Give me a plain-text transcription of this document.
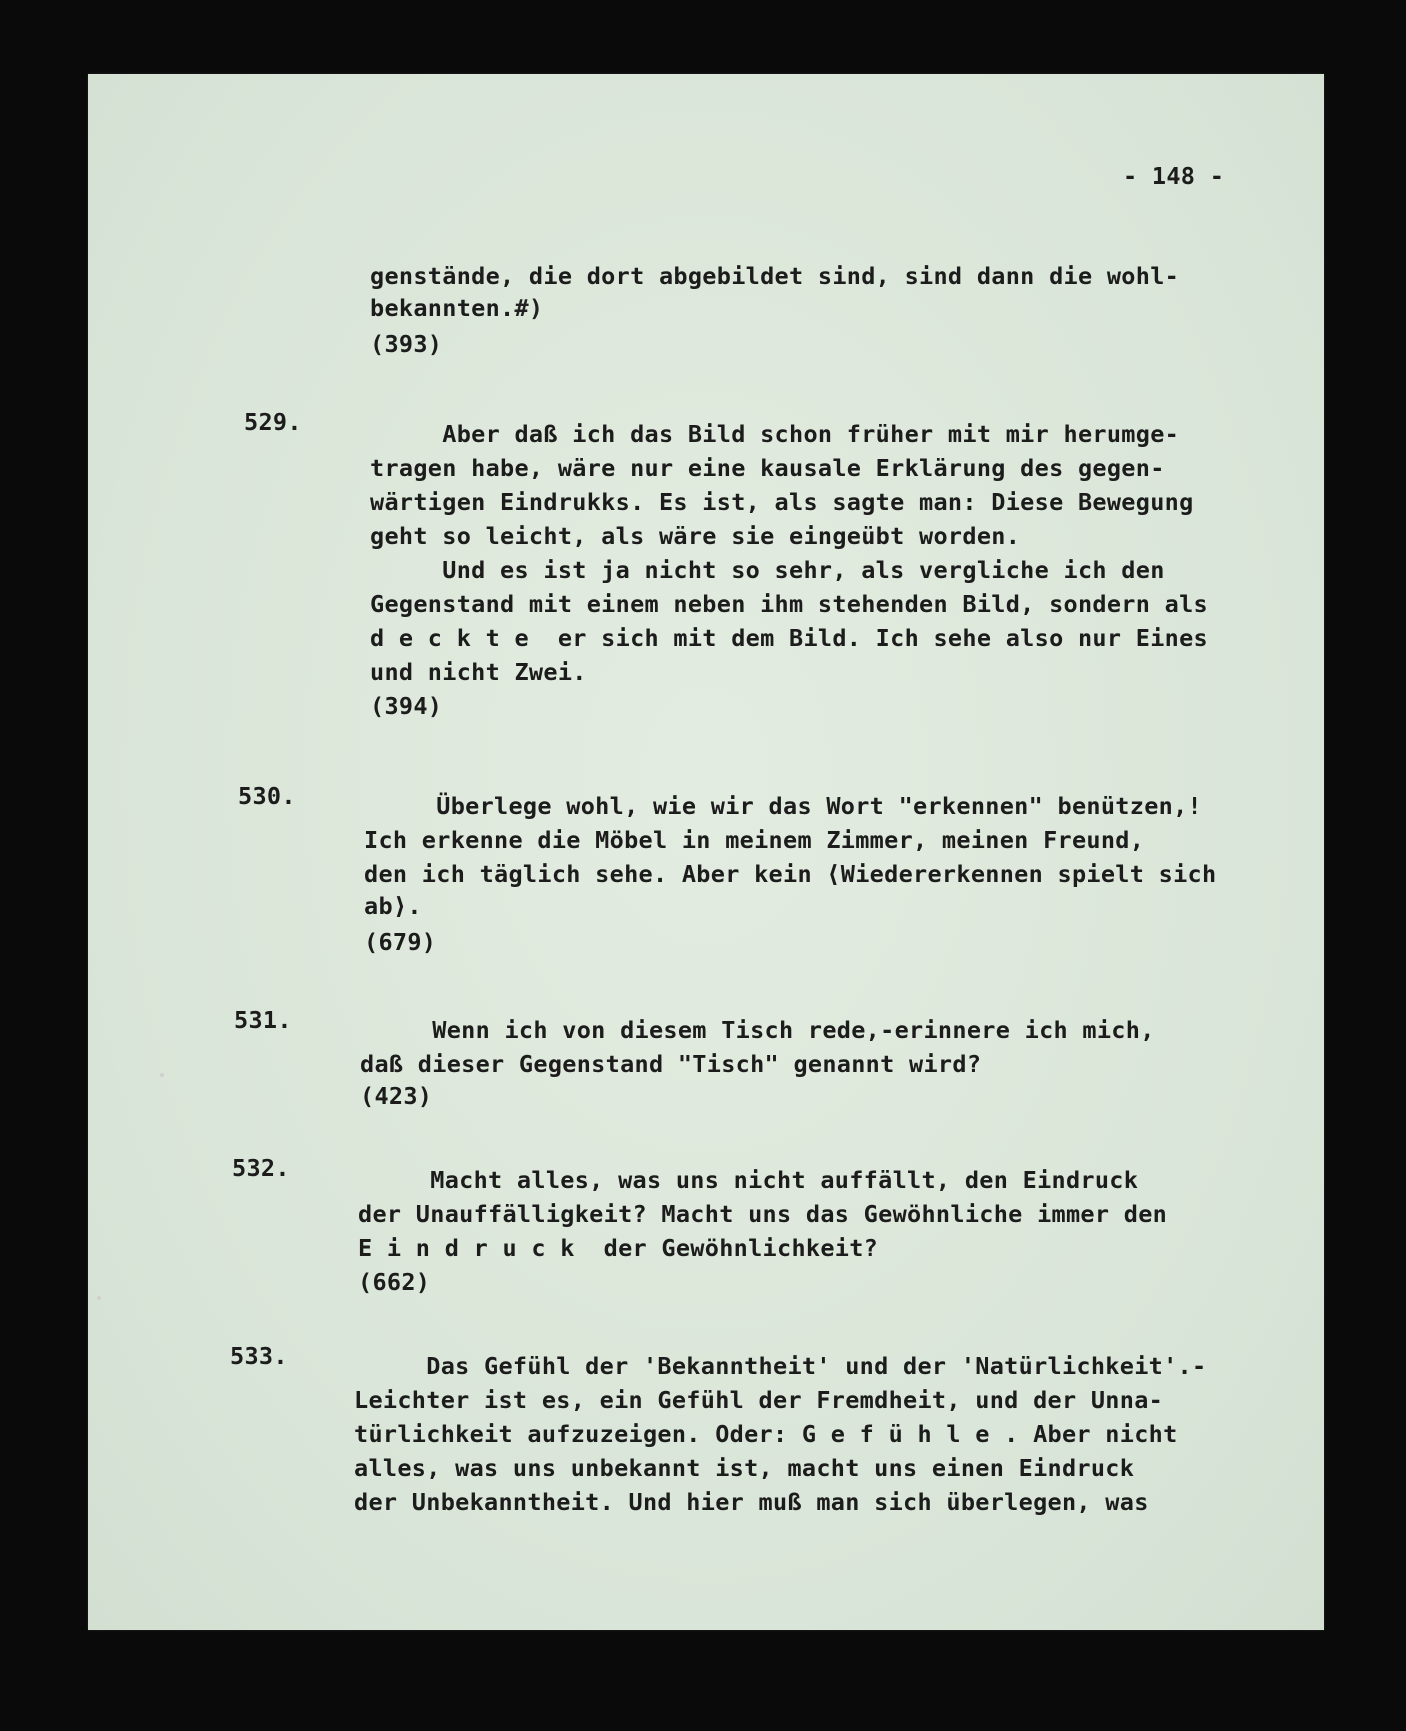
- 148 -
genstände, die dort abgebildet sind, sind dann die wohl-
bekannten.#)
(393)
529.	Aber daß ich das Bild schon früher mit mir herumge-
tragen habe, wäre nur eine kausale Erklärung des gegen-
wärtigen Eindrukks. Es ist, als sagte man: Diese Bewegung
geht so leicht, als wäre sie eingeübt worden.
Und es ist ja nicht so sehr, als vergliche ich den
Gegenstand mit einem neben ihm stehenden Bild, sondern als
d e c k t e  er sich mit dem Bild. Ich sehe also nur Eines
und nicht Zwei.
(394)
530.	Überlege wohl, wie wir das Wort "erkennen" benützen,!
Ich erkenne die Möbel in meinem Zimmer, meinen Freund,
den ich täglich sehe. Aber kein ⟨Wiedererkennen spielt sich
ab⟩.
(679)
531.	Wenn ich von diesem Tisch rede,-erinnere ich mich,
daß dieser Gegenstand "Tisch" genannt wird?
(423)
532.	Macht alles, was uns nicht auffällt, den Eindruck
der Unauffälligkeit? Macht uns das Gewöhnliche immer den
E i n d r u c k  der Gewöhnlichkeit?
(662)
533.	Das Gefühl der 'Bekanntheit' und der 'Natürlichkeit'.-
Leichter ist es, ein Gefühl der Fremdheit, und der Unna-
türlichkeit aufzuzeigen. Oder: G e f ü h l e . Aber nicht
alles, was uns unbekannt ist, macht uns einen Eindruck
der Unbekanntheit. Und hier muß man sich überlegen, was
